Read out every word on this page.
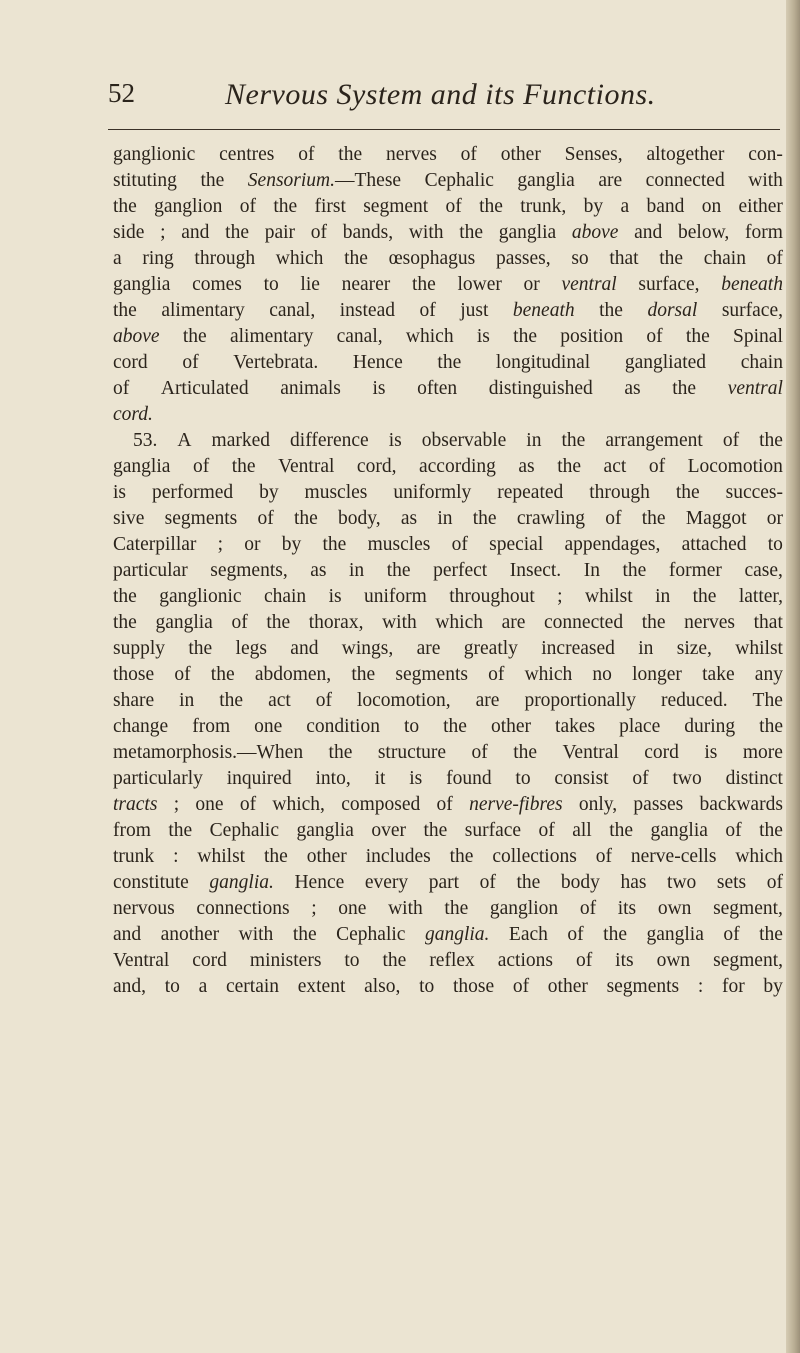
52	Nervous System and its Functions.
ganglionic centres of the nerves of other Senses, altogether con-
stituting the Sensorium.—These Cephalic ganglia are connected with
the ganglion of the first segment of the trunk, by a band on either
side ; and the pair of bands, with the ganglia above and below, form
a ring through which the œsophagus passes, so that the chain of
ganglia comes to lie nearer the lower or ventral surface, beneath
the alimentary canal, instead of just beneath the dorsal surface,
above the alimentary canal, which is the position of the Spinal
cord of Vertebrata. Hence the longitudinal gangliated chain
of Articulated animals is often distinguished as the ventral
cord.
53. A marked difference is observable in the arrangement of the
ganglia of the Ventral cord, according as the act of Locomotion
is performed by muscles uniformly repeated through the succes-
sive segments of the body, as in the crawling of the Maggot or
Caterpillar ; or by the muscles of special appendages, attached to
particular segments, as in the perfect Insect. In the former case,
the ganglionic chain is uniform throughout ; whilst in the latter,
the ganglia of the thorax, with which are connected the nerves that
supply the legs and wings, are greatly increased in size, whilst
those of the abdomen, the segments of which no longer take any
share in the act of locomotion, are proportionally reduced. The
change from one condition to the other takes place during the
metamorphosis.—When the structure of the Ventral cord is more
particularly inquired into, it is found to consist of two distinct
tracts ; one of which, composed of nerve-fibres only, passes backwards
from the Cephalic ganglia over the surface of all the ganglia of the
trunk : whilst the other includes the collections of nerve-cells which
constitute ganglia. Hence every part of the body has two sets of
nervous connections ; one with the ganglion of its own segment,
and another with the Cephalic ganglia. Each of the ganglia of the
Ventral cord ministers to the reflex actions of its own segment,
and, to a certain extent also, to those of other segments : for by
